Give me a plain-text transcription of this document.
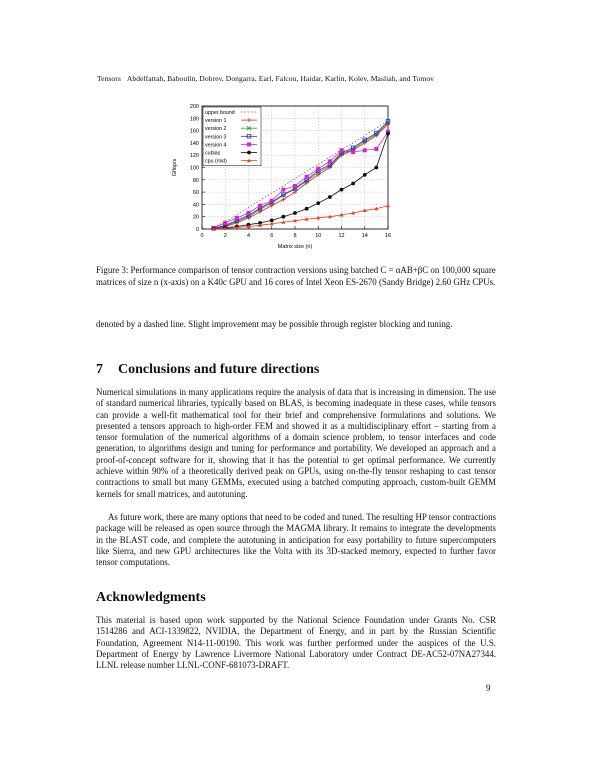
Tensors Abdelfattah, Baboulin, Dobrev, Dongarra, Earl, Falcou, Haidar, Karlin, Kolev, Masliah, and Tomov
0	2	4	6	8	10	12	14	16
0
20
40
60
80
100
120
140
160
180
200
Matrix size (n)
Gflop/s
upper bound
version 1
version 2
version 3
version 4
cublas
cpu (mkl)
Figure 3: Performance comparison of tensor contraction versions using batched C = αAB+βC on 100,000 square matrices of size n (x-axis) on a K40c GPU and 16 cores of Intel Xeon ES-2670 (Sandy Bridge) 2.60 GHz CPUs.
denoted by a dashed line. Slight improvement may be possible through register blocking and tuning.
7 Conclusions and future directions
Numerical simulations in many applications require the analysis of data that is increasing in dimension. The use of standard numerical libraries, typically based on BLAS, is becoming inadequate in these cases, while tensors can provide a well-fit mathematical tool for their brief and comprehensive formulations and solutions. We presented a tensors approach to high-order FEM and showed it as a multidisciplinary effort – starting from a tensor formulation of the numerical algorithms of a domain science problem, to tensor interfaces and code generation, to algorithms design and tuning for performance and portability. We developed an approach and a proof-of-concept software for it, showing that it has the potential to get optimal performance. We currently achieve within 90% of a theoretically derived peak on GPUs, using on-the-fly tensor reshaping to cast tensor contractions to small but many GEMMs, executed using a batched computing approach, custom-built GEMM kernels for small matrices, and autotuning.
As future work, there are many options that need to be coded and tuned. The resulting HP tensor contractions package will be released as open source through the MAGMA library. It remains to integrate the developments in the BLAST code, and complete the autotuning in anticipation for easy portability to future supercomputers like Sierra, and new GPU architectures like the Volta with its 3D-stacked memory, expected to further favor tensor computations.
Acknowledgments
This material is based upon work supported by the National Science Foundation under Grants No. CSR 1514286 and ACI-1339822, NVIDIA, the Department of Energy, and in part by the Russian Scientific Foundation, Agreement N14-11-00190. This work was further performed under the auspices of the U.S. Department of Energy by Lawrence Livermore National Laboratory under Contract DE-AC52-07NA27344. LLNL release number LLNL-CONF-681073-DRAFT.
9
